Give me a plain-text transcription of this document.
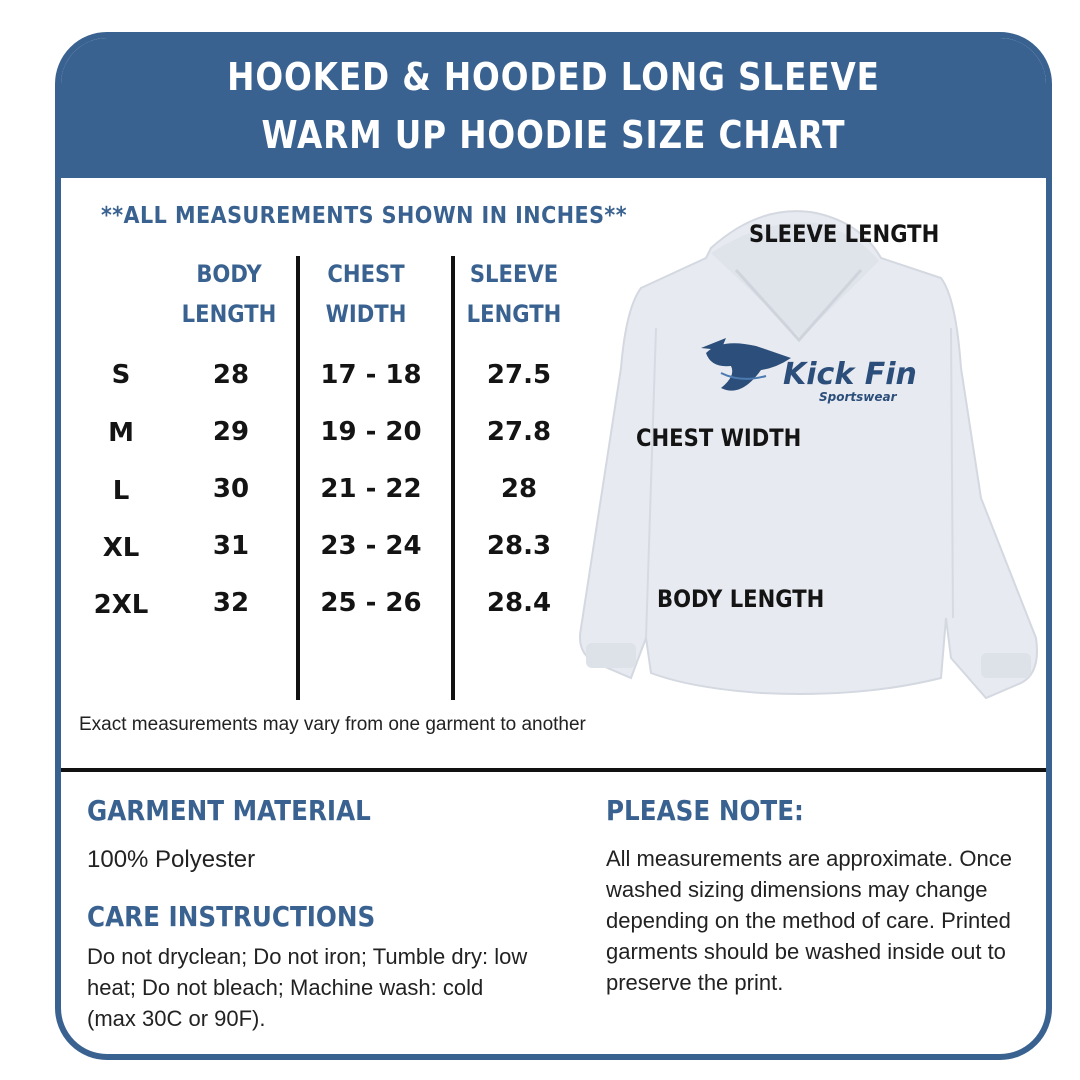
HOOKED & HOODED LONG SLEEVE
WARM UP HOODIE SIZE CHART
**ALL MEASUREMENTS SHOWN IN INCHES**
BODY
LENGTH
CHEST
WIDTH
SLEEVE
LENGTH
S	28	17 - 18	27.5
M	29	19 - 20	27.8
L	30	21 - 22	28
XL	31	23 - 24	28.3
2XL	32	25 - 26	28.4
Kick Fin
Sportswear
SLEEVE LENGTH
CHEST WIDTH
BODY LENGTH
Exact measurements may vary from one garment to another
GARMENT MATERIAL
100% Polyester
CARE INSTRUCTIONS
Do not dryclean; Do not iron; Tumble dry: low heat; Do not bleach; Machine wash: cold (max 30C or 90F).
PLEASE NOTE:
All measurements are approximate. Once washed sizing dimensions may change depending on the method of care. Printed garments should be washed inside out to preserve the print.
